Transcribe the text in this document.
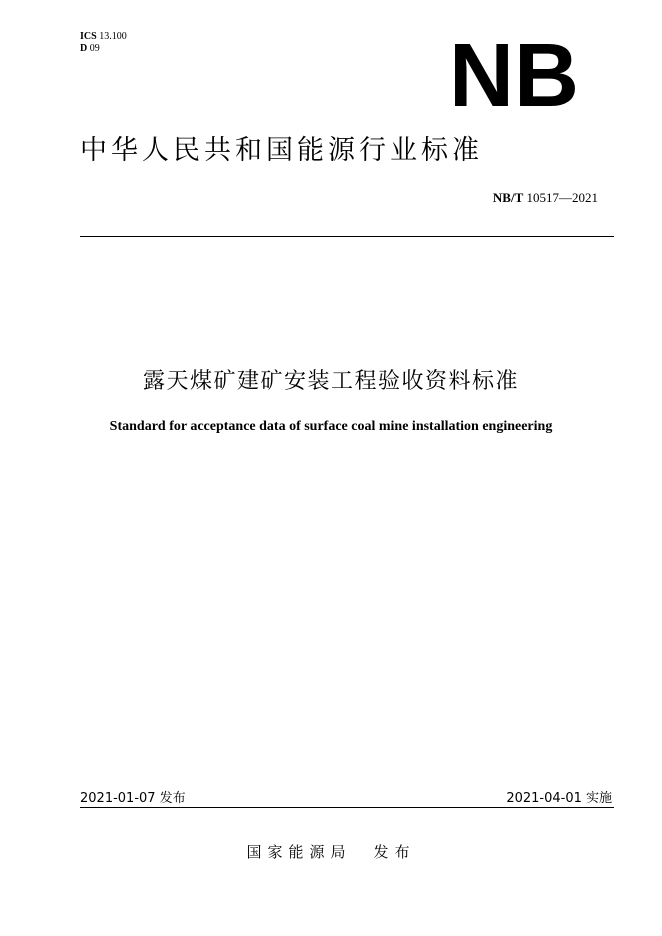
ICS 13.100
D 09	NB
中华人民共和国能源行业标准
NB/T 10517—2021
露天煤矿建矿安装工程验收资料标准
Standard for acceptance data of surface coal mine installation engineering
2021-01-07 发布	2021-04-01 实施
国家能源局 发布
